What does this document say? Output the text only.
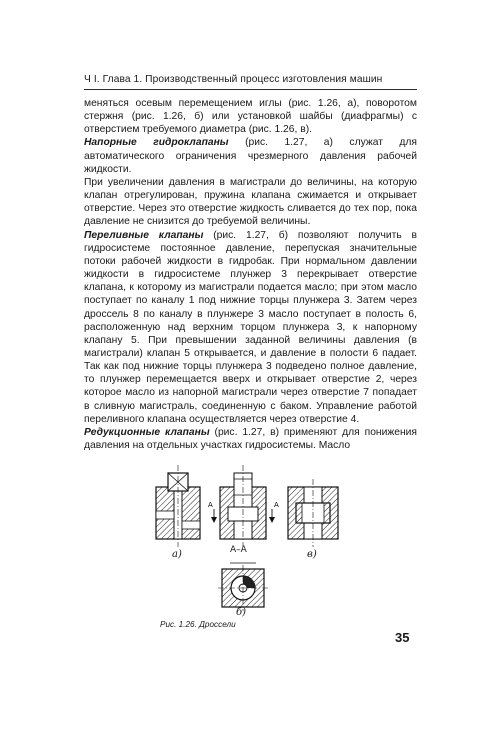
Ч I. Глава 1. Производственный процесс изготовления машин

меняться осевым перемещением иглы (рис. 1.26, а), поворотом стержня (рис. 1.26, б) или установкой шайбы (диафрагмы) с отверстием требуемого диаметра (рис. 1.26, в).

Напорные гидроклапаны (рис. 1.27, а) служат для автоматического ограничения чрезмерного давления рабочей жидкости.

При увеличении давления в магистрали до величины, на которую клапан отрегулирован, пружина клапана сжимается и открывает отверстие. Через это отверстие жидкость сливается до тех пор, пока давление не снизится до требуемой величины.

Переливные клапаны (рис. 1.27, б) позволяют получить в гидросистеме постоянное давление, перепуская значительные потоки рабочей жидкости в гидробак. При нормальном давлении жидкости в гидросистеме плунжер 3 перекрывает отверстие клапана, к которому из магистрали подается масло; при этом масло поступает по каналу 1 под нижние торцы плунжера 3. Затем через дроссель 8 по каналу в плунжере 3 масло поступает в полость 6, расположенную над верхним торцом плунжера 3, к напорному клапану 5. При превышении заданной величины давления (в магистрали) клапан 5 открывается, и давление в полости 6 падает. Так как под нижние торцы плунжера 3 подведено полное давление, то плунжер перемещается вверх и открывает отверстие 2, через которое масло из напорной магистрали через отверстие 7 попадает в сливную магистраль, соединенную с баком. Управление работой переливного клапана осуществляется через отверстие 4.

Редукционные клапаны (рис. 1.27, в) применяют для понижения давления на отдельных участках гидросистемы. Масло

А	А
а)	А–А	в)
б)
Рис. 1.26. Дроссели
35
